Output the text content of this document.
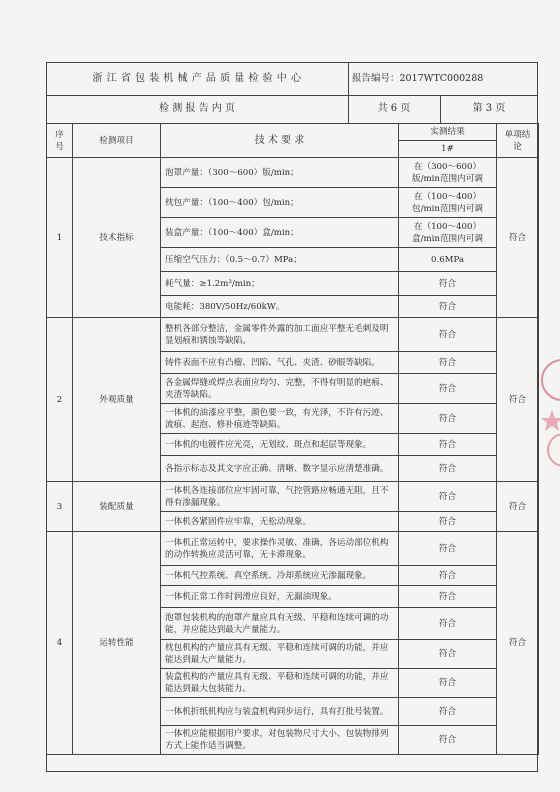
浙 江 省 包 装 机 械 产 品 质 量 检 验 中 心	报告编号：2017WTC000288
检 测 报 告 内 页	共 6 页	第 3 页
序号	检测项目	技 术 要 求	实测结果	单项结论
			1#	
1	技术指标	泡罩产量：（300～600）版/min；	在（300～600）版/min范围内可调	符合
		枕包产量：（100～400）包/min；	在（100～400）包/min范围内可调	
		装盒产量：（100～400）盒/min；	在（100～400）盒/min范围内可调	
		压缩空气压力：（0.5～0.7）MPa；	0.6MPa	
		耗气量：≥1.2m³/min；	符合	
		电能耗：380V/50Hz/60kW。	符合	
2	外观质量	整机各部分整洁，金属零件外露的加工面应平整无毛刺及明显划痕和锈蚀等缺陷。	符合	符合
		铸件表面不应有凸瘤、凹陷、气孔、夹渣、砂眼等缺陷。	符合	
		各金属焊缝或焊点表面应均匀、完整，不得有明显的疤痕、夹渣等缺陷。	符合	
		一体机的油漆应平整，颜色要一致，有光泽，不许有污迹、流痕、起泡、修补痕迹等缺陷。	符合	
		一体机的电镀件应光亮，无划纹、斑点和起层等现象。	符合	
		各指示标志及其文字应正确、清晰、数字显示应清楚准确。	符合	
3	装配质量	一体机各连接部位应牢固可靠，气控管路应畅通无阻，且不得有渗漏现象。	符合	符合
		一体机各紧固件应牢靠，无松动现象。	符合	
4	运转性能	一体机正常运转中，要求操作灵敏、准确，各运动部位机构的动作转换应灵活可靠，无卡滞现象。	符合	符合
		一体机气控系统、真空系统、冷却系统应无渗漏现象。	符合	
		一体机正常工作时润滑应良好，无漏油现象。	符合	
		泡罩包装机构的泡罩产量应具有无级、平稳和连续可调的功能，并应能达到最大产量能力。	符合	
		枕包机构的产量应具有无级、平稳和连续可调的功能，并应能达到最大产量能力。	符合	
		装盒机构的产量应具有无级、平稳和连续可调的功能，并应能达到最大包装能力。	符合	
		一体机折纸机构应与装盒机构同步运行，具有打批号装置。	符合	
		一体机应能根据用户要求，对包装物尺寸大小、包装物排列方式上能作适当调整。	符合	
